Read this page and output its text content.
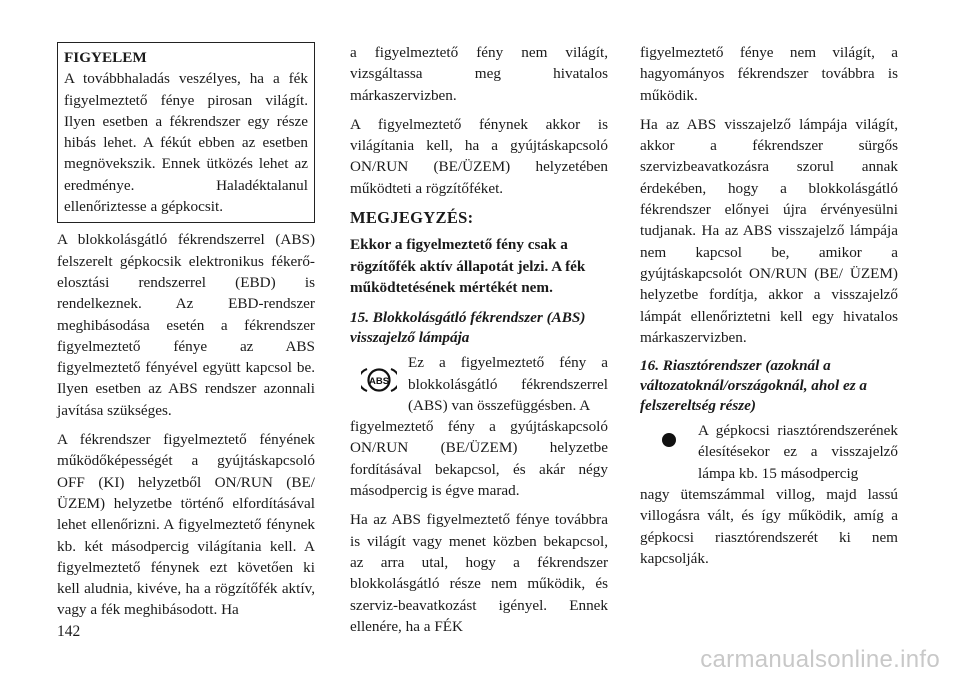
FIGYELEM
A továbbhaladás veszélyes, ha a fék figyelmeztető fénye pirosan világít. Ilyen esetben a fékrendszer egy része hibás lehet. A fékút ebben az esetben megnövekszik. Ennek ütközés lehet az eredménye. Haladéktalanul ellenőriztesse a gépkocsit.

A blokkolásgátló fékrendszerrel (ABS) felszerelt gépkocsik elektronikus fékerő-elosztási rendszerrel (EBD) is rendelkeznek. Az EBD-rendszer meghibásodása esetén a fékrendszer figyelmeztető fénye az ABS figyelmeztető fényével együtt kapcsol be. Ilyen esetben az ABS rendszer azonnali javítása szükséges.

A fékrendszer figyelmeztető fényének működőképességét a gyújtáskapcsoló OFF (KI) helyzetből ON/RUN (BE/ ÜZEM) helyzetbe történő elfordításával lehet ellenőrizni. A figyelmeztető fénynek kb. két másodpercig világítania kell. A figyelmeztető fénynek ezt követően ki kell aludnia, kivéve, ha a rögzítőfék aktív, vagy a fék meghibásodott. Ha

a figyelmeztető fény nem világít, vizsgáltassa meg hivatalos márkaszervizben.

A figyelmeztető fénynek akkor is világítania kell, ha a gyújtáskapcsoló ON/RUN (BE/ÜZEM) helyzetében működteti a rögzítőféket.

MEGJEGYZÉS:
Ekkor a figyelmeztető fény csak a rögzítőfék aktív állapotát jelzi. A fék működtetésének mértékét nem.
15. Blokkolásgátló fékrendszer (ABS) visszajelző lámpája
ABS
Ez a figyelmeztető fény a blokkolásgátló fékrendszerrel (ABS) van összefüggésben. A

figyelmeztető fény a gyújtáskapcsoló ON/RUN (BE/ÜZEM) helyzetbe fordításával bekapcsol, és akár négy másodpercig is égve marad.

Ha az ABS figyelmeztető fénye továbbra is világít vagy menet közben bekapcsol, az arra utal, hogy a fékrendszer blokkolásgátló része nem működik, és szerviz-beavatkozást igényel. Ennek ellenére, ha a FÉK

figyelmeztető fénye nem világít, a hagyományos fékrendszer továbbra is működik.

Ha az ABS visszajelző lámpája világít, akkor a fékrendszer sürgős szervizbeavatkozásra szorul annak érdekében, hogy a blokkolásgátló fékrendszer előnyei újra érvényesülni tudjanak. Ha az ABS visszajelző lámpája nem kapcsol be, amikor a gyújtáskapcsolót ON/RUN (BE/ ÜZEM) helyzetbe fordítja, akkor a visszajelző lámpát ellenőriztetni kell egy hivatalos márkaszervizben.

16. Riasztórendszer (azoknál a változatoknál/országoknál, ahol ez a felszereltség része)
A gépkocsi riasztórendszerének élesítésekor ez a visszajelző lámpa kb. 15 másodpercig

nagy ütemszámmal villog, majd lassú villogásra vált, és így működik, amíg a gépkocsi riasztórendszerét ki nem kapcsolják.

142
carmanualsonline.info
